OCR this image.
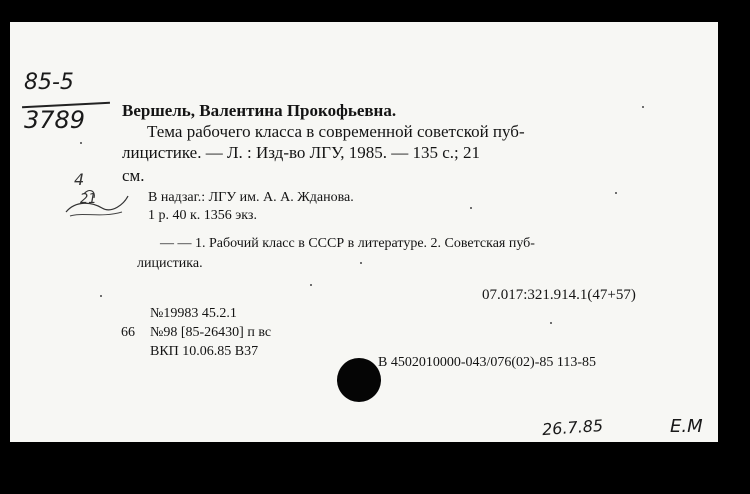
85-5
3789
4
21
Вершель, Валентина Прокофьевна.
Тема рабочего класса в современной советской пуб-
лицистике. — Л. : Изд-во ЛГУ, 1985. — 135 с.; 21
см.
В надзаг.: ЛГУ им. А. А. Жданова.
1 р. 40 к. 1356 экз.
— — 1. Рабочий класс в СССР в литературе. 2. Советская пуб-
лицистика.
07.017:321.914.1(47+57)
№19983 45.2.1
66 №98 [85-26430] п вс
ВКП 10.06.85 В37
В 4502010000-043/076(02)-85 113-85
26.7.85	Е.М
